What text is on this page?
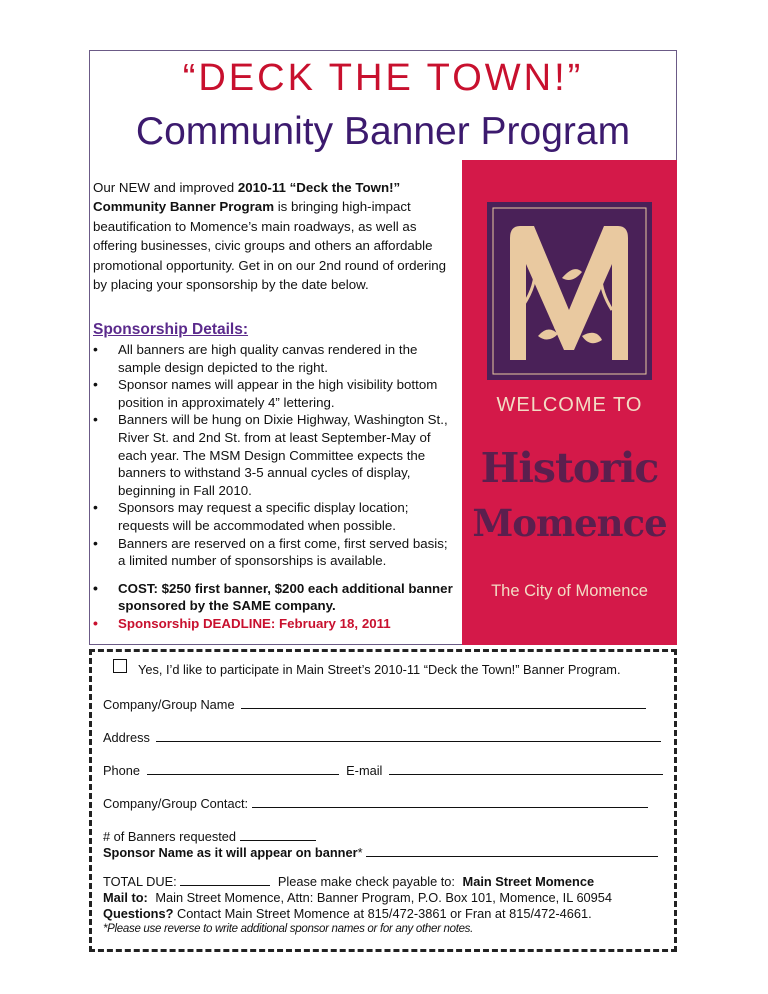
“DECK THE TOWN!”
Community Banner Program

Our NEW and improved 2010-11 “Deck the Town!” Community Banner Program is bringing high-impact beautification to Momence’s main roadways, as well as offering businesses, civic groups and others an affordable promotional opportunity. Get in on our 2nd round of ordering by placing your sponsorship by the date below.

Sponsorship Details:

• All banners are high quality canvas rendered in the sample design depicted to the right.
• Sponsor names will appear in the high visibility bottom position in approximately 4” lettering.
• Banners will be hung on Dixie Highway, Washington St., River St. and 2nd St. from at least September-May of each year. The MSM Design Committee expects the banners to withstand 3-5 annual cycles of display, beginning in Fall 2010.
• Sponsors may request a specific display location; requests will be accommodated when possible.
• Banners are reserved on a first come, first served basis; a limited number of sponsorships is available.
• COST: $250 first banner, $200 each additional banner sponsored by the SAME company.
• Sponsorship DEADLINE: February 18, 2011
WELCOME TO
Historic
Momence
The City of Momence
Yes, I’d like to participate in Main Street’s 2010-11 “Deck the Town!” Banner Program.
Company/Group Name
Address
Phone	E-mail
Company/Group Contact:
# of Banners requested
Sponsor Name as it will appear on banner*
TOTAL DUE:	Please make check payable to: Main Street Momence
Mail to: Main Street Momence, Attn: Banner Program, P.O. Box 101, Momence, IL 60954
Questions? Contact Main Street Momence at 815/472-3861 or Fran at 815/472-4661.
*Please use reverse to write additional sponsor names or for any other notes.
